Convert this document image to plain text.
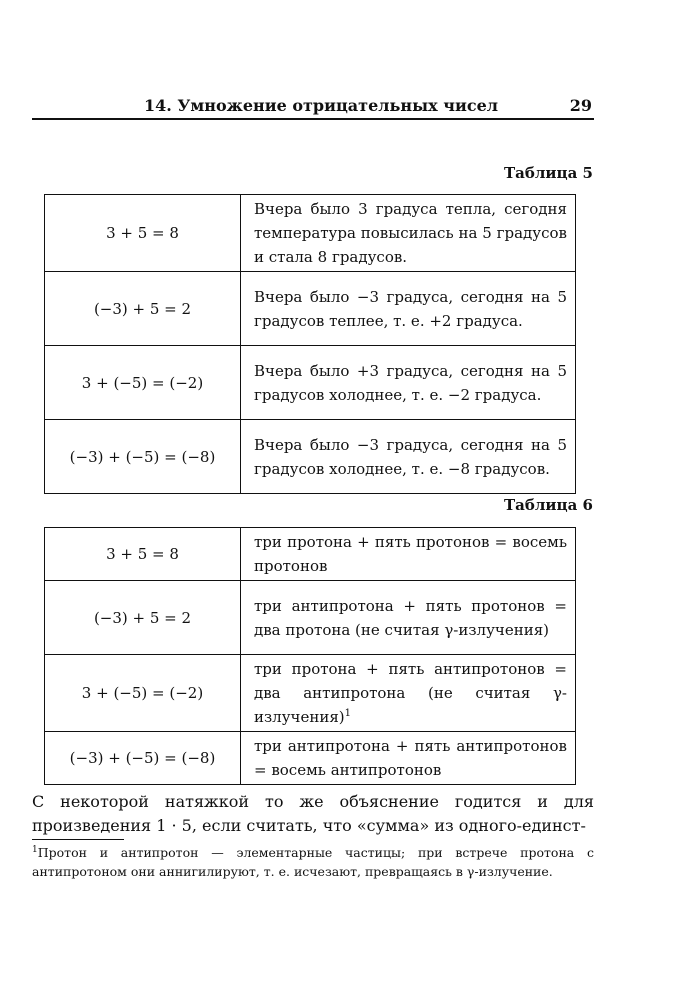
14. Умножение отрицательных чисел	29
Таблица 5
3 + 5 = 8	Вчера было 3 градуса тепла, сегодня температура повысилась на 5 градусов и стала 8 градусов.
(−3) + 5 = 2	Вчера было −3 градуса, сегодня на 5 градусов теплее, т. е. +2 градуса.
3 + (−5) = (−2)	Вчера было +3 градуса, сегодня на 5 градусов холоднее, т. е. −2 градуса.
(−3) + (−5) = (−8)	Вчера было −3 градуса, сегодня на 5 градусов холоднее, т. е. −8 градусов.
Таблица 6
3 + 5 = 8	три протона + пять протонов = восемь протонов
(−3) + 5 = 2	три антипротона + пять протонов = два протона (не считая γ-излучения)
3 + (−5) = (−2)	три протона + пять антипротонов = два антипротона (не считая γ-излучения)$^1$
(−3) + (−5) = (−8)	три антипротона + пять антипротонов = восемь антипротонов
С некоторой натяжкой то же объяснение годится и для произведения 1 · 5, если считать, что «сумма» из одного-единст-
$^1$Протон и антипротон — элементарные частицы; при встрече протона с антипротоном они аннигилируют, т. е. исчезают, превращаясь в γ-излучение.
